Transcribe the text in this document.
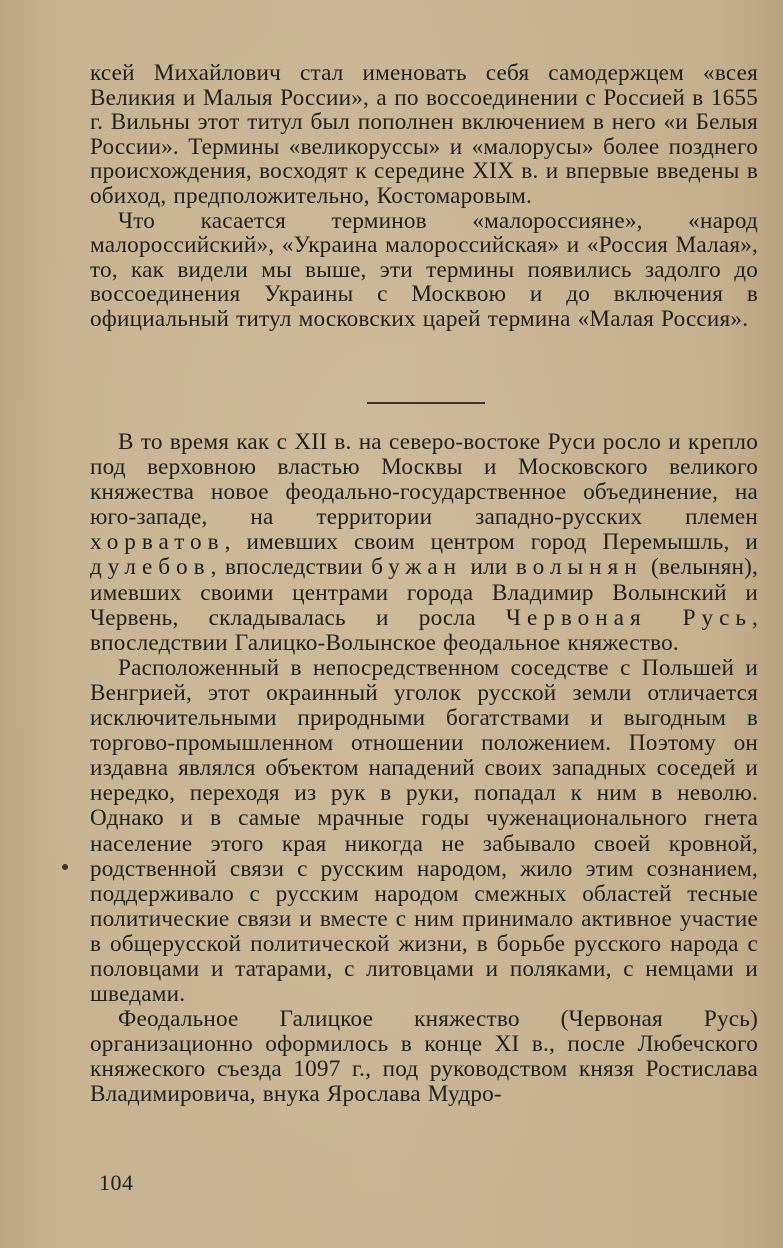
ксей Михайлович стал именовать себя самодержцем «всея Великия и Малыя России», а по воссоединении с Россией в 1655 г. Вильны этот титул был пополнен включением в него «и Белыя России». Термины «великоруссы» и «малорусы» более позднего происхождения, восходят к середине XIX в. и впервые введены в обиход, предположительно, Костомаровым.

Что касается терминов «малороссияне», «народ малороссийский», «Украина малороссийская» и «Россия Малая», то, как видели мы выше, эти термины появились задолго до воссоединения Украины с Москвою и до включения в официальный титул московских царей термина «Малая Россия».

В то время как с XII в. на северо-востоке Руси росло и крепло под верховною властью Москвы и Московского великого княжества новое феодально-государственное объединение, на юго-западе, на территории западно-русских племен хорватов, имевших своим центром город Перемышль, и дулебов, впоследствии бужан или волынян (велынян), имевших своими центрами города Владимир Волынский и Червень, складывалась и росла Червоная Русь, впоследствии Галицко-Волынское феодальное княжество.

Расположенный в непосредственном соседстве с Польшей и Венгрией, этот окраинный уголок русской земли отличается исключительными природными богатствами и выгодным в торгово-промышленном отношении положением. Поэтому он издавна являлся объектом нападений своих западных соседей и нередко, переходя из рук в руки, попадал к ним в неволю. Однако и в самые мрачные годы чуженационального гнета население этого края никогда не забывало своей кровной, родственной связи с русским народом, жило этим сознанием, поддерживало с русским народом смежных областей тесные политические связи и вместе с ним принимало активное участие в общерусской политической жизни, в борьбе русского народа с половцами и татарами, с литовцами и поляками, с немцами и шведами.

Феодальное Галицкое княжество (Червоная Русь) организационно оформилось в конце XI в., после Любечского княжеского съезда 1097 г., под руководством князя Ростислава Владимировича, внука Ярослава Мудро-

104
